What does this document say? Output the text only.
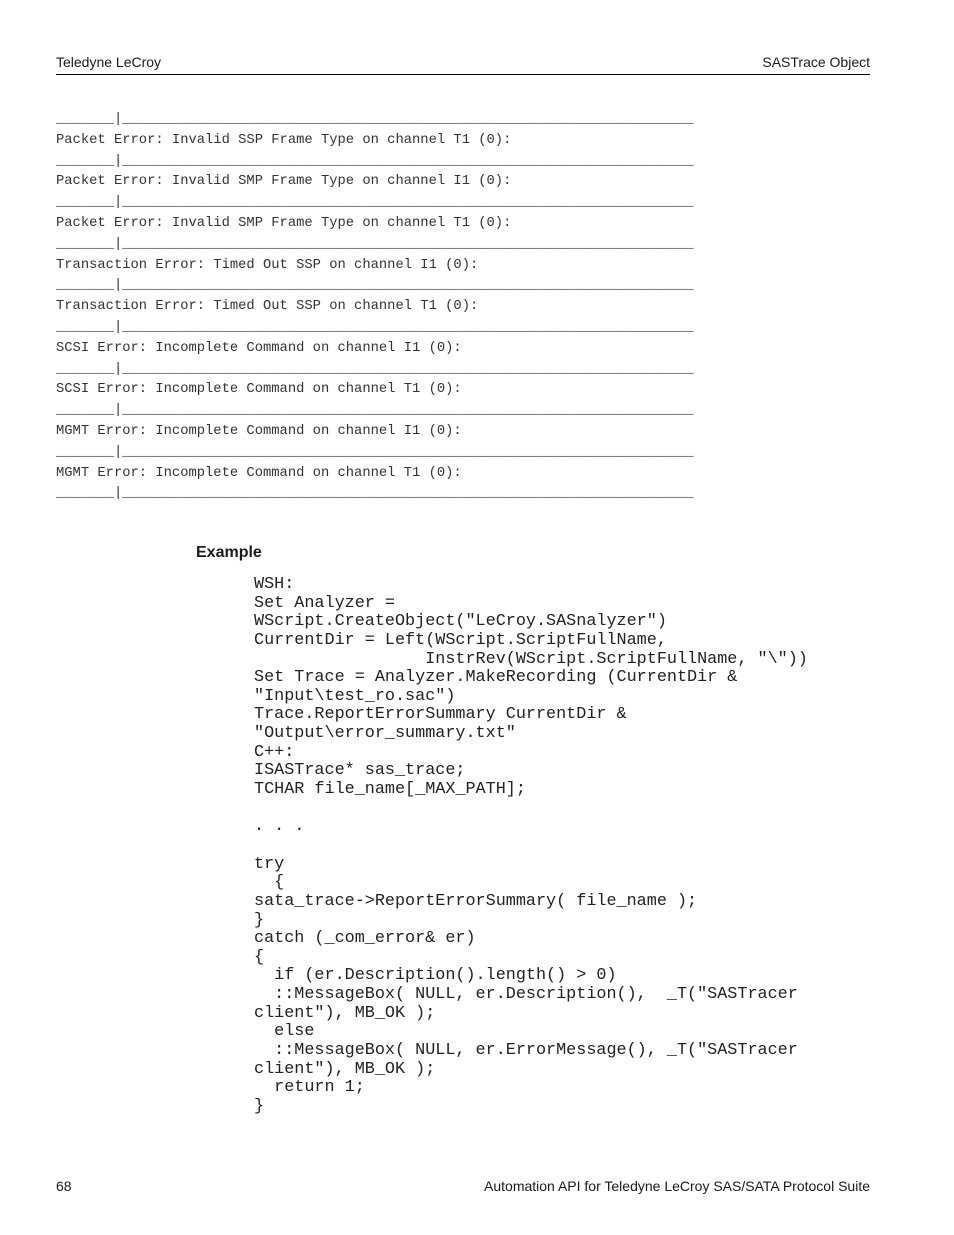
Teledyne LeCroy	SASTrace Object
_______|_____________________________________________________________________
Packet Error: Invalid SSP Frame Type on channel T1 (0):
_______|_____________________________________________________________________
Packet Error: Invalid SMP Frame Type on channel I1 (0):
_______|_____________________________________________________________________
Packet Error: Invalid SMP Frame Type on channel T1 (0):
_______|_____________________________________________________________________
Transaction Error: Timed Out SSP on channel I1 (0):
_______|_____________________________________________________________________
Transaction Error: Timed Out SSP on channel T1 (0):
_______|_____________________________________________________________________
SCSI Error: Incomplete Command on channel I1 (0):
_______|_____________________________________________________________________
SCSI Error: Incomplete Command on channel T1 (0):
_______|_____________________________________________________________________
MGMT Error: Incomplete Command on channel I1 (0):
_______|_____________________________________________________________________
MGMT Error: Incomplete Command on channel T1 (0):
_______|_____________________________________________________________________
Example
WSH:
Set Analyzer =
WScript.CreateObject("LeCroy.SASnalyzer")
CurrentDir = Left(WScript.ScriptFullName,
InstrRev(WScript.ScriptFullName, "\"))
Set Trace = Analyzer.MakeRecording (CurrentDir &
"Input\test_ro.sac")
Trace.ReportErrorSummary CurrentDir &
"Output\error_summary.txt"
C++:
ISASTrace* sas_trace;
TCHAR file_name[_MAX_PATH];
. . .
try
{
sata_trace->ReportErrorSummary( file_name );
}
catch (_com_error& er)
{
if (er.Description().length() > 0)
::MessageBox( NULL, er.Description(),  _T("SASTracer
client"), MB_OK );
else
::MessageBox( NULL, er.ErrorMessage(), _T("SASTracer
client"), MB_OK );
return 1;
}
68	Automation API for Teledyne LeCroy SAS/SATA Protocol Suite
